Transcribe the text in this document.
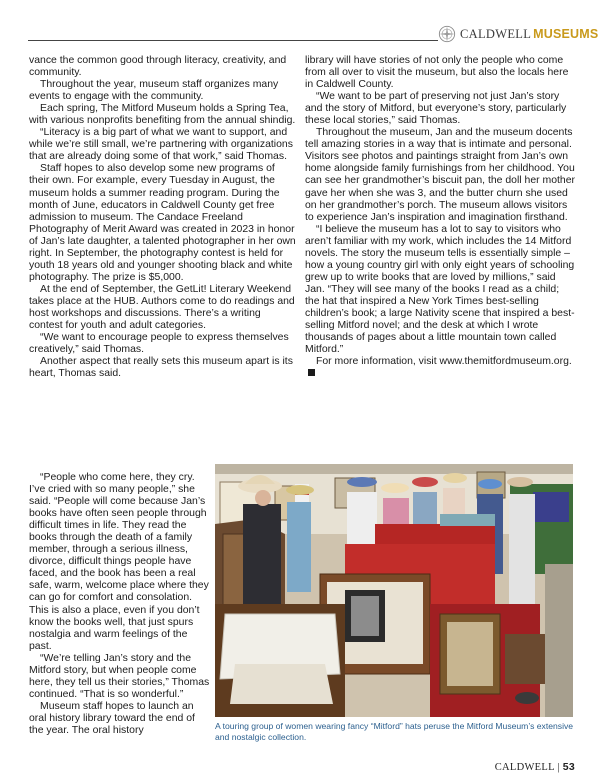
CALDWELL MUSEUMS

vance the common good through literacy, creativity, and community.

Throughout the year, museum staff organizes many events to engage with the community.

Each spring, The Mitford Museum holds a Spring Tea, with various nonprofits benefiting from the annual shindig.

“Literacy is a big part of what we want to support, and while we’re still small, we’re partnering with organizations that are already doing some of that work,” said Thomas.

Staff hopes to also develop some new programs of their own. For example, every Tuesday in August, the museum holds a summer reading program. During the month of June, educators in Caldwell County get free admission to museum. The Candace Freeland Photography of Merit Award was created in 2023 in honor of Jan’s late daughter, a talented photographer in her own right. In September, the photography contest is held for youth 18 years old and younger shooting black and white photography. The prize is $5,000.

At the end of September, the GetLit! Literary Weekend takes place at the HUB. Authors come to do readings and host workshops and discussions. There’s a writing contest for youth and adult categories.

“We want to encourage people to express themselves creatively,” said Thomas.

Another aspect that really sets this museum apart is its heart, Thomas said.

“People who come here, they cry. I’ve cried with so many people,” she said. “People will come because Jan’s books have often seen people through difficult times in life. They read the books through the death of a family member, through a serious illness, divorce, difficult things people have faced, and the book has been a real safe, warm, welcome place where they can go for comfort and consolation. This is also a place, even if you don’t know the books well, that just spurs nostalgia and warm feelings of the past.

“We’re telling Jan’s story and the Mitford story, but when people come here, they tell us their stories,” Thomas continued. “That is so wonderful.”

Museum staff hopes to launch an oral history library toward the end of the year. The oral history

library will have stories of not only the people who come from all over to visit the museum, but also the locals here in Caldwell County.

“We want to be part of preserving not just Jan’s story and the story of Mitford, but everyone’s story, particularly these local stories,” said Thomas.

Throughout the museum, Jan and the museum docents tell amazing stories in a way that is intimate and personal. Visitors see photos and paintings straight from Jan’s own home alongside family furnishings from her childhood. You can see her grandmother’s biscuit pan, the doll her mother gave her when she was 3, and the butter churn she used on her grandmother’s porch. The museum allows visitors to experience Jan’s inspiration and imagination firsthand.

“I believe the museum has a lot to say to visitors who aren’t familiar with my work, which includes the 14 Mitford novels. The story the museum tells is essentially simple – how a young country girl with only eight years of schooling grew up to write books that are loved by millions,” said Jan. “They will see many of the books I read as a child; the hat that inspired a New York Times best-selling children’s book; a large Nativity scene that inspired a best-selling Mitford novel; and the desk at which I wrote thousands of pages about a little mountain town called Mitford.”

For more information, visit www.themitfordmuseum.org.

A touring group of women wearing fancy “Mitford” hats peruse the Mitford Museum’s extensive and nostalgic collection.
CALDWELL | 53
